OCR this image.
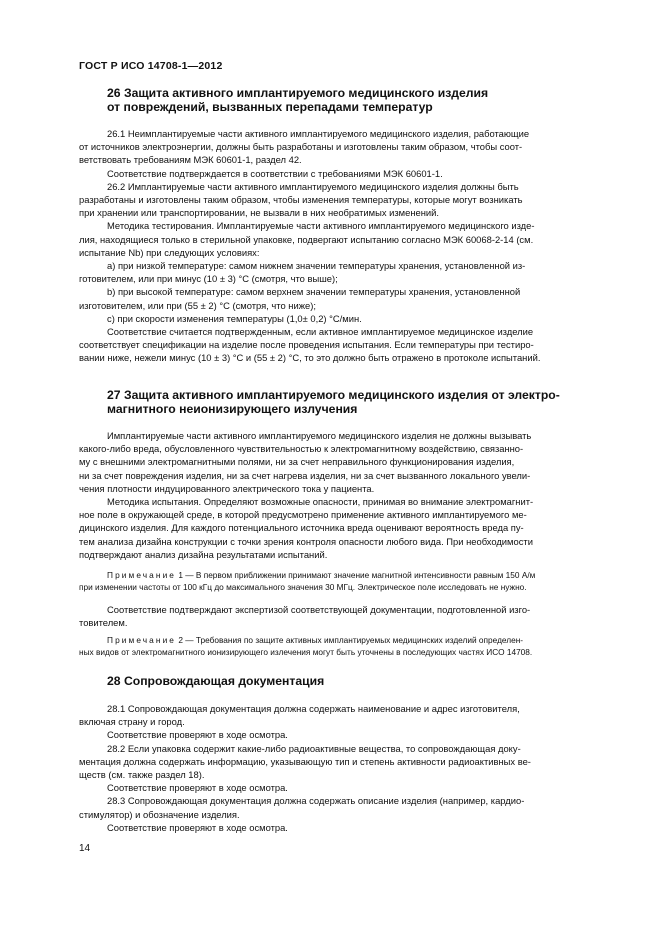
ГОСТ Р ИСО 14708-1—2012

26 Защита активного имплантируемого медицинского изделия
от повреждений, вызванных перепадами температур

26.1 Неимплантируемые части активного имплантируемого медицинского изделия, работающие
от источников электроэнергии, должны быть разработаны и изготовлены таким образом, чтобы соот-
ветствовать требованиям МЭК 60601-1, раздел 42.

Соответствие подтверждается в соответствии с требованиями МЭК 60601-1.

26.2 Имплантируемые части активного имплантируемого медицинского изделия должны быть
разработаны и изготовлены таким образом, чтобы изменения температуры, которые могут возникать
при хранении или транспортировании, не вызвали в них необратимых изменений.

Методика тестирования. Имплантируемые части активного имплантируемого медицинского изде-
лия, находящиеся только в стерильной упаковке, подвергают испытанию согласно МЭК 60068-2-14 (см.
испытание Nb) при следующих условиях:

а) при низкой температуре: самом нижнем значении температуры хранения, установленной из-
готовителем, или при минус (10 ± 3) °С (смотря, что выше);

b) при высокой температуре: самом верхнем значении температуры хранения, установленной
изготовителем, или при (55 ± 2) °С (смотря, что ниже);

с) при скорости изменения температуры (1,0± 0,2) °С/мин.

Соответствие считается подтвержденным, если активное имплантируемое медицинское изделие
соответствует спецификации на изделие после проведения испытания. Если температуры при тестиро-
вании ниже, нежели минус (10 ± 3) °С и (55 ± 2) °С, то это должно быть отражено в протоколе испытаний.

27 Защита активного имплантируемого медицинского изделия от электро-
магнитного неионизирующего излучения

Имплантируемые части активного имплантируемого медицинского изделия не должны вызывать
какого-либо вреда, обусловленного чувствительностью к электромагнитному воздействию, связанно-
му с внешними электромагнитными полями, ни за счет неправильного функционирования изделия,
ни за счет повреждения изделия, ни за счет нагрева изделия, ни за счет вызванного локального увели-
чения плотности индуцированного электрического тока у пациента.

Методика испытания. Определяют возможные опасности, принимая во внимание электромагнит-
ное поле в окружающей среде, в которой предусмотрено применение активного имплантируемого ме-
дицинского изделия. Для каждого потенциального источника вреда оценивают вероятность вреда пу-
тем анализа дизайна конструкции с точки зрения контроля опасности любого вида. При необходимости
подтверждают анализ дизайна результатами испытаний.

Примечание 1 — В первом приближении принимают значение магнитной интенсивности равным 150 А/м
при изменении частоты от 100 кГц до максимального значения 30 МГц. Электрическое поле исследовать не нужно.

Соответствие подтверждают экспертизой соответствующей документации, подготовленной изго-
товителем.

Примечание 2 — Требования по защите активных имплантируемых медицинских изделий определен-
ных видов от электромагнитного ионизирующего излечения могут быть уточнены в последующих частях ИСО 14708.

28 Сопровождающая документация

28.1 Сопровождающая документация должна содержать наименование и адрес изготовителя,
включая страну и город.

Соответствие проверяют в ходе осмотра.

28.2 Если упаковка содержит какие-либо радиоактивные вещества, то сопровождающая доку-
ментация должна содержать информацию, указывающую тип и степень активности радиоактивных ве-
ществ (см. также раздел 18).

Соответствие проверяют в ходе осмотра.

28.3 Сопровождающая документация должна содержать описание изделия (например, кардио-
стимулятор) и обозначение изделия.

Соответствие проверяют в ходе осмотра.

14
